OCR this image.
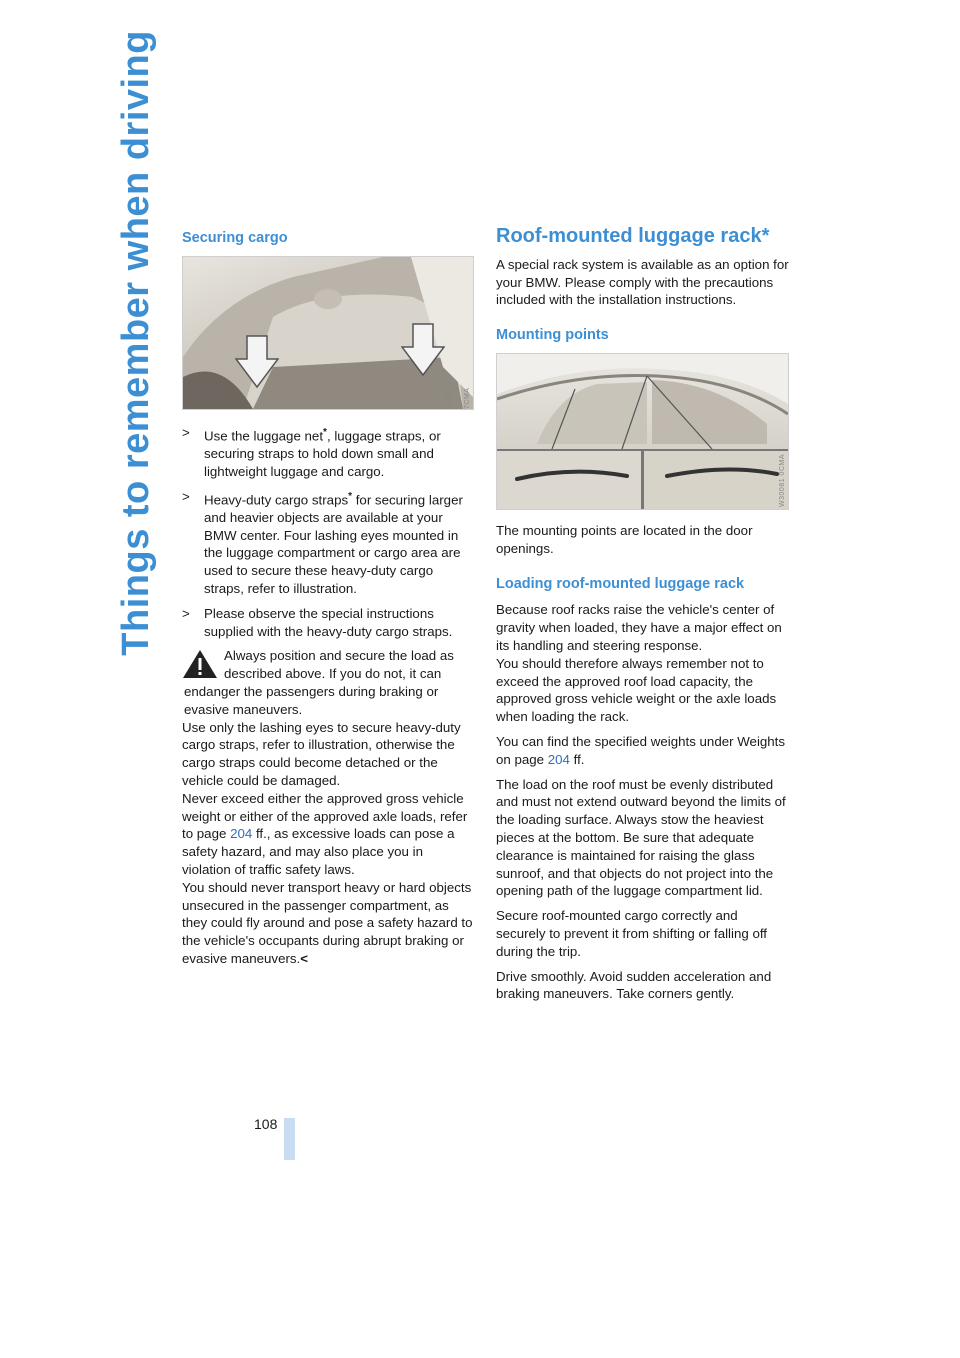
Things to remember when driving Securing cargo
W30059 7CMA
>	Use the luggage net*, luggage straps, or securing straps to hold down small and lightweight luggage and cargo.
>	Heavy-duty cargo straps* for securing larger and heavier objects are available at your BMW center. Four lashing eyes mounted in the luggage compartment or cargo area are used to secure these heavy-duty cargo straps, refer to illustration.
>	Please observe the special instructions supplied with the heavy-duty cargo straps.
Always position and secure the load as described above. If you do not, it can endanger the passengers during braking or evasive maneuvers.
Use only the lashing eyes to secure heavy-duty cargo straps, refer to illustration, otherwise the cargo straps could become detached or the vehicle could be damaged.
Never exceed either the approved gross vehicle weight or either of the approved axle loads, refer to page 204 ff., as excessive loads can pose a safety hazard, and may also place you in violation of traffic safety laws.
You should never transport heavy or hard objects unsecured in the passenger compartment, as they could fly around and pose a safety hazard to the vehicle's occupants during abrupt braking or evasive maneuvers.<
Roof-mounted luggage rack*

A special rack system is available as an option for your BMW. Please comply with the precautions included with the installation instructions.

Mounting points
W30081 0CMA

The mounting points are located in the door openings.

Loading roof-mounted luggage rack

Because roof racks raise the vehicle's center of gravity when loaded, they have a major effect on its handling and steering response.

You should therefore always remember not to exceed the approved roof load capacity, the approved gross vehicle weight or the axle loads when loading the rack.

You can find the specified weights under Weights on page 204 ff.

The load on the roof must be evenly distributed and must not extend outward beyond the limits of the loading surface. Always stow the heaviest pieces at the bottom. Be sure that adequate clearance is maintained for raising the glass sunroof, and that objects do not project into the opening path of the luggage compartment lid.

Secure roof-mounted cargo correctly and securely to prevent it from shifting or falling off during the trip.

Drive smoothly. Avoid sudden acceleration and braking maneuvers. Take corners gently.

108
